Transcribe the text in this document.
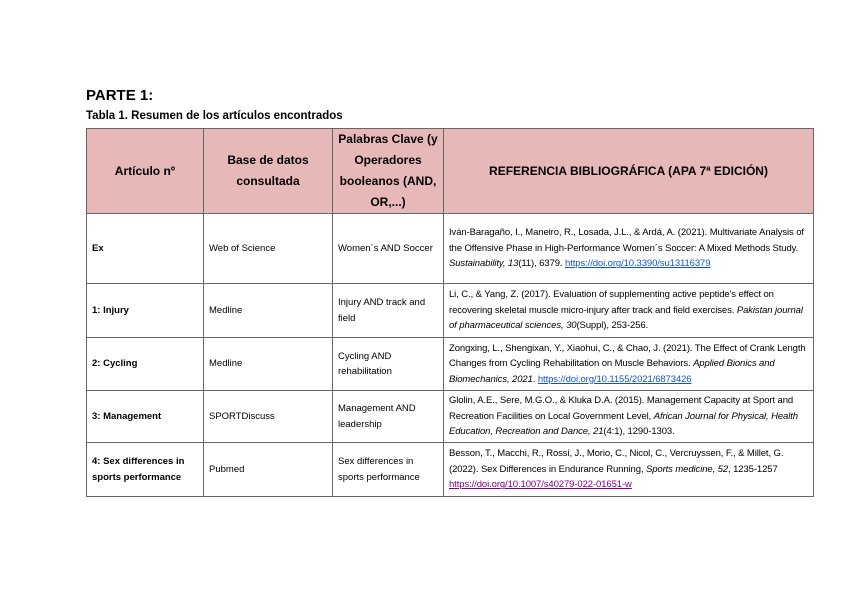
PARTE 1:
Tabla 1. Resumen de los artículos encontrados
Artículo nº	Base de datos consultada	Palabras Clave (y Operadores booleanos (AND, OR,...)	REFERENCIA BIBLIOGRÁFICA (APA 7ª EDICIÓN)
Ex	Web of Science	Women´s AND Soccer	Iván-Baragaño, I., Maneiro, R., Losada, J.L., & Ardá, A. (2021). Multivariate Analysis of the Offensive Phase in High-Performance Women´s Soccer: A Mixed Methods Study. Sustainability, 13(11), 6379. https://doi.org/10.3390/su13116379
1: Injury	Medline	Injury AND track and field	Li, C., & Yang, Z. (2017). Evaluation of supplementing active peptide's effect on recovering skeletal muscle micro-injury after track and field exercises. Pakistan journal of pharmaceutical sciences, 30(Suppl), 253-256.
2: Cycling	Medline	Cycling AND rehabilitation	Zongxing, L., Shengixan, Y., Xiaohui, C., & Chao, J. (2021). The Effect of Crank Length Changes from Cycling Rehabilitation on Muscle Behaviors. Applied Bionics and Biomechanics, 2021. https://doi.org/10.1155/2021/6873426
3: Management	SPORTDiscuss	Management AND leadership	Glolin, A.E., Sere, M.G.O., & Kluka D.A. (2015). Management Capacity at Sport and Recreation Facilities on Local Government Level, African Journal for Physical, Health Education, Recreation and Dance, 21(4:1), 1290-1303.
4: Sex differences in sports performance	Pubmed	Sex differences in sports performance	Besson, T., Macchi, R., Rossi, J., Morio, C., Nicol, C., Vercruyssen, F., & Millet, G. (2022). Sex Differences in Endurance Running, Sports medicine, 52, 1235-1257 https://doi.org/10.1007/s40279-022-01651-w
